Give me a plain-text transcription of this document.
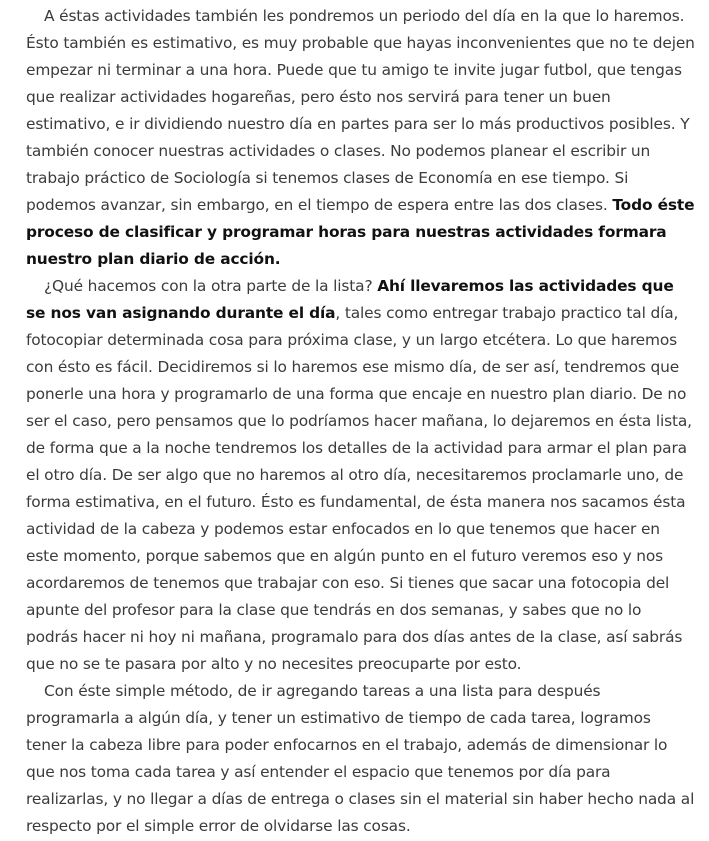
A éstas actividades también les pondremos un periodo del día en la que lo haremos. Ésto también es estimativo, es muy probable que hayas inconvenientes que no te dejen empezar ni terminar a una hora. Puede que tu amigo te invite jugar futbol, que tengas que realizar actividades hogareñas, pero ésto nos servirá para tener un buen estimativo, e ir dividiendo nuestro día en partes para ser lo más productivos posibles. Y también conocer nuestras actividades o clases. No podemos planear el escribir un trabajo práctico de Sociología si tenemos clases de Economía en ese tiempo. Si podemos avanzar, sin embargo, en el tiempo de espera entre las dos clases. Todo éste proceso de clasificar y programar horas para nuestras actividades formara nuestro plan diario de acción.

¿Qué hacemos con la otra parte de la lista? Ahí llevaremos las actividades que se nos van asignando durante el día, tales como entregar trabajo practico tal día, fotocopiar determinada cosa para próxima clase, y un largo etcétera. Lo que haremos con ésto es fácil. Decidiremos si lo haremos ese mismo día, de ser así, tendremos que ponerle una hora y programarlo de una forma que encaje en nuestro plan diario. De no ser el caso, pero pensamos que lo podríamos hacer mañana, lo dejaremos en ésta lista, de forma que a la noche tendremos los detalles de la actividad para armar el plan para el otro día. De ser algo que no haremos al otro día, necesitaremos proclamarle uno, de forma estimativa, en el futuro. Ésto es fundamental, de ésta manera nos sacamos ésta actividad de la cabeza y podemos estar enfocados en lo que tenemos que hacer en este momento, porque sabemos que en algún punto en el futuro veremos eso y nos acordaremos de tenemos que trabajar con eso. Si tienes que sacar una fotocopia del apunte del profesor para la clase que tendrás en dos semanas, y sabes que no lo podrás hacer ni hoy ni mañana, programalo para dos días antes de la clase, así sabrás que no se te pasara por alto y no necesites preocuparte por esto.

Con éste simple método, de ir agregando tareas a una lista para después programarla a algún día, y tener un estimativo de tiempo de cada tarea, logramos tener la cabeza libre para poder enfocarnos en el trabajo, además de dimensionar lo que nos toma cada tarea y así entender el espacio que tenemos por día para realizarlas, y no llegar a días de entrega o clases sin el material sin haber hecho nada al respecto por el simple error de olvidarse las cosas.
